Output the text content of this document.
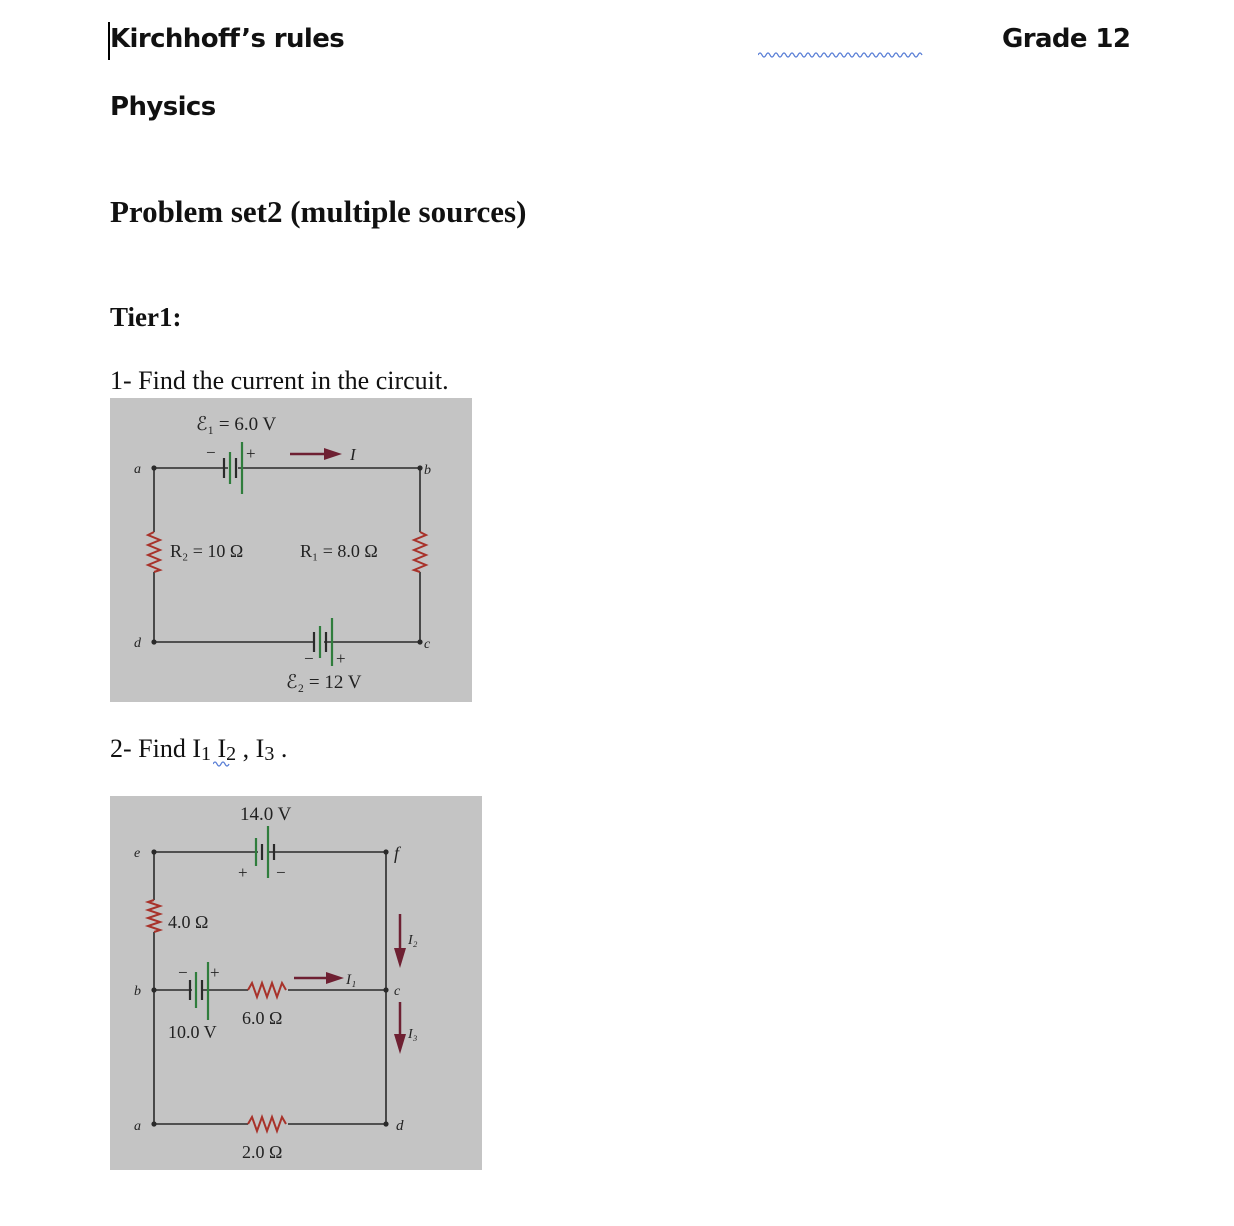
Kirchhoff’s rules	Grade 12
Physics
Problem set2 (multiple sources)
Tier1:
1- Find the current in the circuit.
ℰ₁ = 6.0 V
− +	I
a	b
c
d
R₂ = 10 Ω	R₁ = 8.0 Ω
− +
ℰ₂ = 12 V
2- Find I1 I2 , I3 .
14.0 V
+ −
e	f
4.0 Ω
I₂
− +	I₁
b	c
6.0 Ω
10.0 V	I₃
a	d
2.0 Ω
